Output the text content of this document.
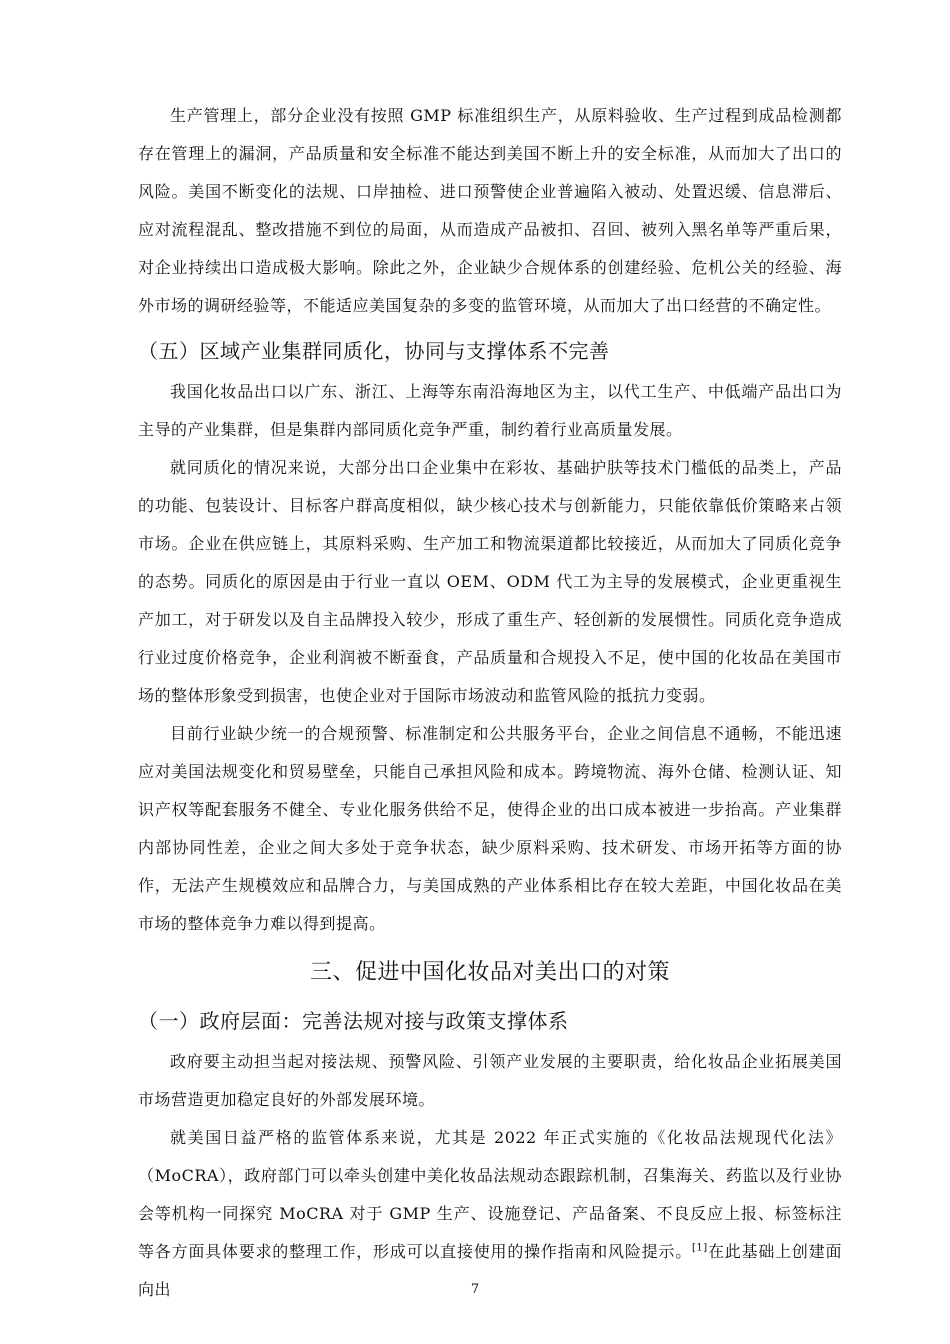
生产管理上，部分企业没有按照 GMP 标准组织生产，从原料验收、生产过程到成品检测都存在管理上的漏洞，产品质量和安全标准不能达到美国不断上升的安全标准，从而加大了出口的风险。美国不断变化的法规、口岸抽检、进口预警使企业普遍陷入被动、处置迟缓、信息滞后、应对流程混乱、整改措施不到位的局面，从而造成产品被扣、召回、被列入黑名单等严重后果，对企业持续出口造成极大影响。除此之外，企业缺少合规体系的创建经验、危机公关的经验、海外市场的调研经验等，不能适应美国复杂的多变的监管环境，从而加大了出口经营的不确定性。

（五）区域产业集群同质化，协同与支撑体系不完善

我国化妆品出口以广东、浙江、上海等东南沿海地区为主，以代工生产、中低端产品出口为主导的产业集群，但是集群内部同质化竞争严重，制约着行业高质量发展。

就同质化的情况来说，大部分出口企业集中在彩妆、基础护肤等技术门槛低的品类上，产品的功能、包装设计、目标客户群高度相似，缺少核心技术与创新能力，只能依靠低价策略来占领市场。企业在供应链上，其原料采购、生产加工和物流渠道都比较接近，从而加大了同质化竞争的态势。同质化的原因是由于行业一直以 OEM、ODM 代工为主导的发展模式，企业更重视生产加工，对于研发以及自主品牌投入较少，形成了重生产、轻创新的发展惯性。同质化竞争造成行业过度价格竞争，企业利润被不断蚕食，产品质量和合规投入不足，使中国的化妆品在美国市场的整体形象受到损害，也使企业对于国际市场波动和监管风险的抵抗力变弱。

目前行业缺少统一的合规预警、标准制定和公共服务平台，企业之间信息不通畅，不能迅速应对美国法规变化和贸易壁垒，只能自己承担风险和成本。跨境物流、海外仓储、检测认证、知识产权等配套服务不健全、专业化服务供给不足，使得企业的出口成本被进一步抬高。产业集群内部协同性差，企业之间大多处于竞争状态，缺少原料采购、技术研发、市场开拓等方面的协作，无法产生规模效应和品牌合力，与美国成熟的产业体系相比存在较大差距，中国化妆品在美市场的整体竞争力难以得到提高。

三、促进中国化妆品对美出口的对策
（一）政府层面：完善法规对接与政策支撑体系

政府要主动担当起对接法规、预警风险、引领产业发展的主要职责，给化妆品企业拓展美国市场营造更加稳定良好的外部发展环境。

就美国日益严格的监管体系来说，尤其是 2022 年正式实施的《化妆品法规现代化法》（MoCRA），政府部门可以牵头创建中美化妆品法规动态跟踪机制，召集海关、药监以及行业协会等机构一同探究 MoCRA 对于 GMP 生产、设施登记、产品备案、不良反应上报、标签标注等各方面具体要求的整理工作，形成可以直接使用的操作指南和风险提示。[1]在此基础上创建面向出	7
